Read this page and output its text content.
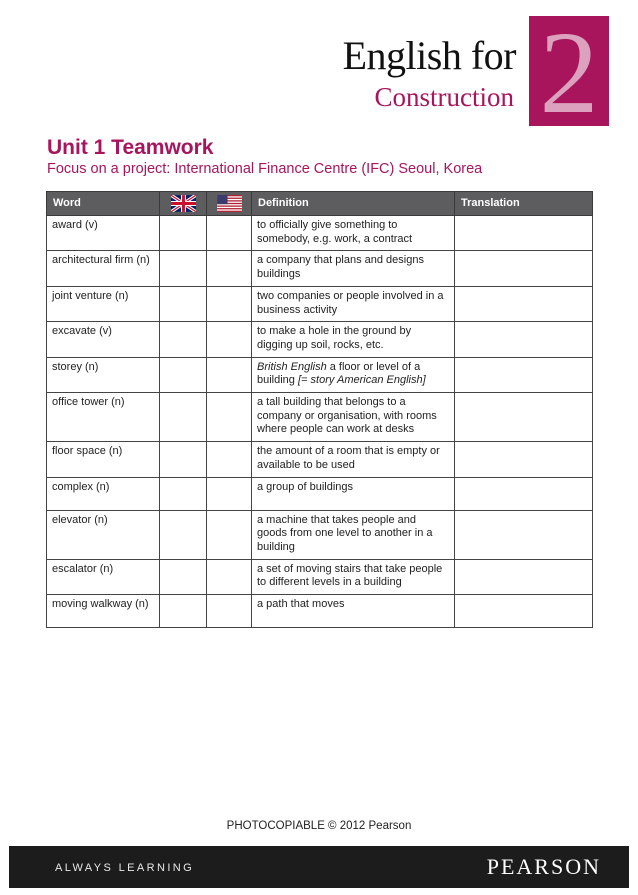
English for
Construction 2
Unit 1 Teamwork
Focus on a project: International Finance Centre (IFC) Seoul, Korea
Word			Definition	Translation
award (v)			to officially give something to somebody, e.g. work, a contract	
architectural firm (n)			a company that plans and designs buildings	
joint venture (n)			two companies or people involved in a business activity	
excavate (v)			to make a hole in the ground by digging up soil, rocks, etc.	
storey (n)			British English a floor or level of a building [= story American English]	
office tower (n)			a tall building that belongs to a company or organisation, with rooms where people can work at desks	
floor space (n)			the amount of a room that is empty or available to be used	
complex (n)			a group of buildings	
elevator (n)			a machine that takes people and goods from one level to another in a building	
escalator (n)			a set of moving stairs that take people to different levels in a building	
moving walkway (n)			a path that moves	
PHOTOCOPIABLE © 2012 Pearson
ALWAYS LEARNING	PEARSON
